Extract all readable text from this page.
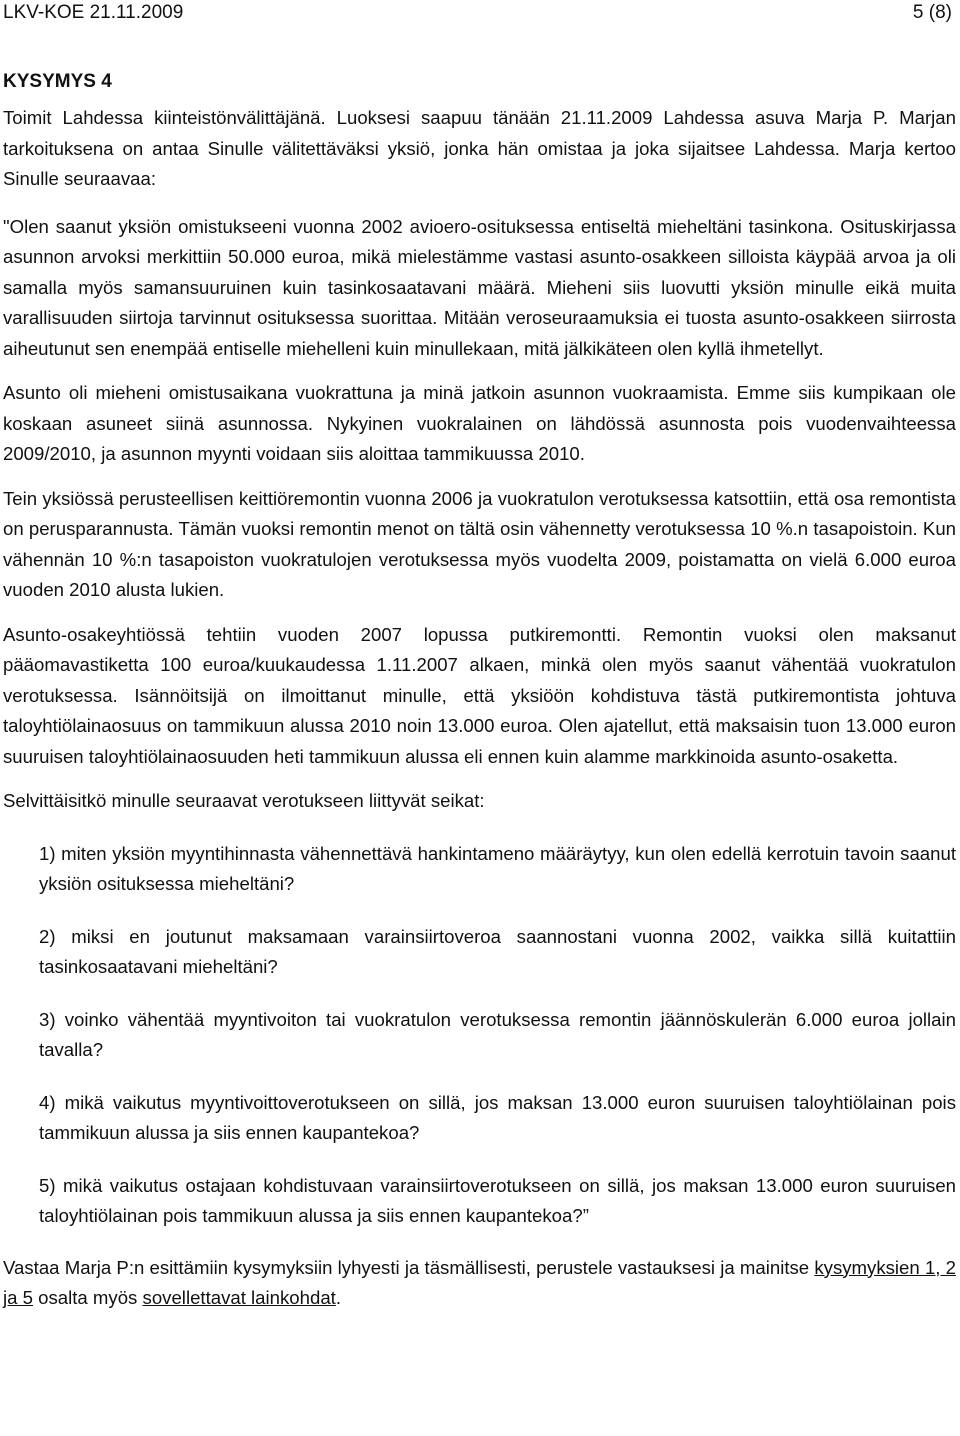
LKV-KOE 21.11.2009	5 (8)
KYSYMYS 4

Toimit Lahdessa kiinteistönvälittäjänä. Luoksesi saapuu tänään 21.11.2009 Lahdessa asuva Marja P. Marjan tarkoituksena on antaa Sinulle välitettäväksi yksiö, jonka hän omistaa ja joka sijaitsee Lahdessa. Marja kertoo Sinulle seuraavaa:

"Olen saanut yksiön omistukseeni vuonna 2002 avioero-osituksessa entiseltä mieheltäni tasinkona. Osituskirjassa asunnon arvoksi merkittiin 50.000 euroa, mikä mielestämme vastasi asunto-osakkeen silloista käypää arvoa ja oli samalla myös samansuuruinen kuin tasinkosaatavani määrä. Mieheni siis luovutti yksiön minulle eikä muita varallisuuden siirtoja tarvinnut osituksessa suorittaa. Mitään veroseuraamuksia ei tuosta asunto-osakkeen siirrosta aiheutunut sen enempää entiselle miehelleni kuin minullekaan, mitä jälkikäteen olen kyllä ihmetellyt.

Asunto oli mieheni omistusaikana vuokrattuna ja minä jatkoin asunnon vuokraamista. Emme siis kumpikaan ole koskaan asuneet siinä asunnossa. Nykyinen vuokralainen on lähdössä asunnosta pois vuodenvaihteessa 2009/2010, ja asunnon myynti voidaan siis aloittaa tammikuussa 2010.

Tein yksiössä perusteellisen keittiöremontin vuonna 2006 ja vuokratulon verotuksessa katsottiin, että osa remontista on perusparannusta. Tämän vuoksi remontin menot on tältä osin vähennetty verotuksessa 10 %.n tasapoistoin. Kun vähennän 10 %:n tasapoiston vuokratulojen verotuksessa myös vuodelta 2009, poistamatta on vielä 6.000 euroa vuoden 2010 alusta lukien.

Asunto-osakeyhtiössä tehtiin vuoden 2007 lopussa putkiremontti. Remontin vuoksi olen maksanut pääomavastiketta 100 euroa/kuukaudessa 1.11.2007 alkaen, minkä olen myös saanut vähentää vuokratulon verotuksessa. Isännöitsijä on ilmoittanut minulle, että yksiöön kohdistuva tästä putkiremontista johtuva taloyhtiölainaosuus on tammikuun alussa 2010 noin 13.000 euroa. Olen ajatellut, että maksaisin tuon 13.000 euron suuruisen taloyhtiölainaosuuden heti tammikuun alussa eli ennen kuin alamme markkinoida asunto-osaketta.

Selvittäisitkö minulle seuraavat verotukseen liittyvät seikat:

1) miten yksiön myyntihinnasta vähennettävä hankintameno määräytyy, kun olen edellä kerrotuin tavoin saanut yksiön osituksessa mieheltäni?
2) miksi en joutunut maksamaan varainsiirtoveroa saannostani vuonna 2002, vaikka sillä kuitattiin tasinkosaatavani mieheltäni?
3) voinko vähentää myyntivoiton tai vuokratulon verotuksessa remontin jäännöskulerän 6.000 euroa jollain tavalla?
4) mikä vaikutus myyntivoittoverotukseen on sillä, jos maksan 13.000 euron suuruisen taloyhtiölainan pois tammikuun alussa ja siis ennen kaupantekoa?
5) mikä vaikutus ostajaan kohdistuvaan varainsiirtoverotukseen on sillä, jos maksan 13.000 euron suuruisen taloyhtiölainan pois tammikuun alussa ja siis ennen kaupantekoa?”

Vastaa Marja P:n esittämiin kysymyksiin lyhyesti ja täsmällisesti, perustele vastauksesi ja mainitse kysymyksien 1, 2 ja 5 osalta myös sovellettavat lainkohdat.
